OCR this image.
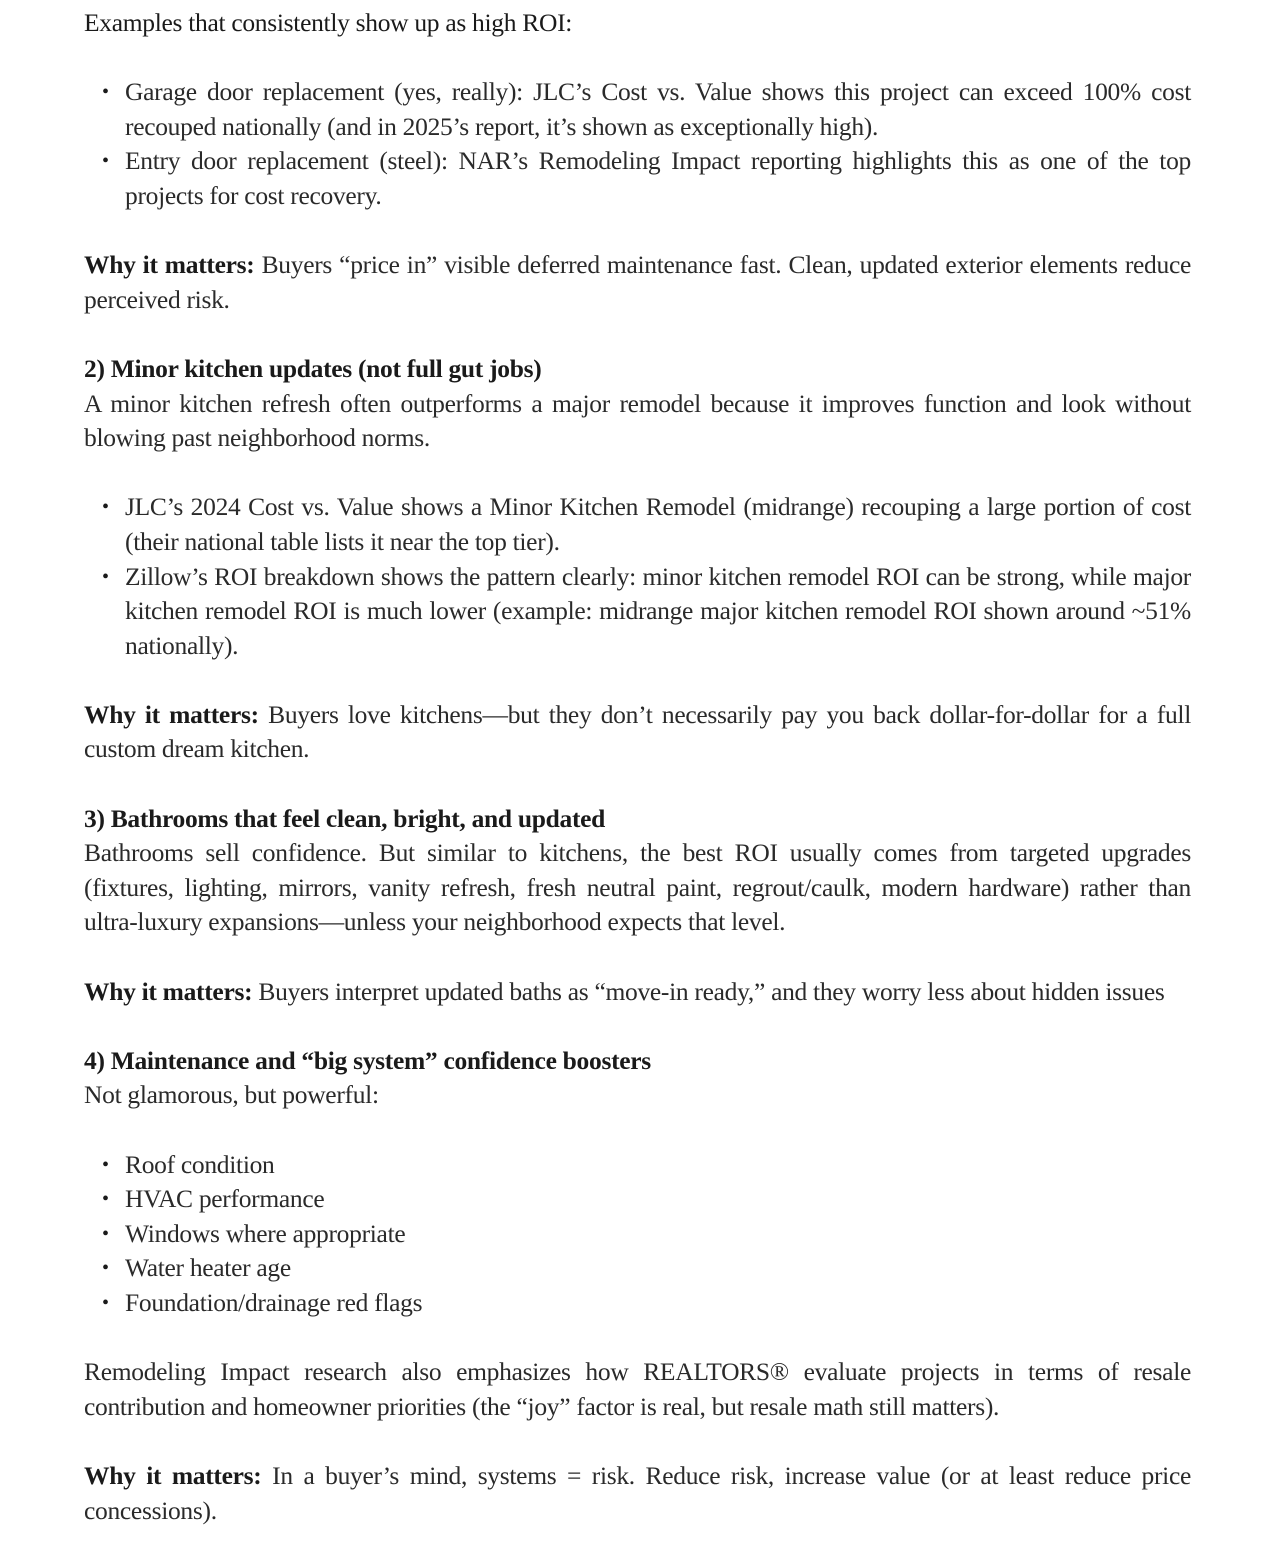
Examples that consistently show up as high ROI:

• Garage door replacement (yes, really): JLC’s Cost vs. Value shows this project can exceed 100% cost recouped nationally (and in 2025’s report, it’s shown as exceptionally high).
• Entry door replacement (steel): NAR’s Remodeling Impact reporting highlights this as one of the top projects for cost recovery.

Why it matters: Buyers “price in” visible deferred maintenance fast. Clean, updated exterior elements reduce perceived risk.

2) Minor kitchen updates (not full gut jobs)

A minor kitchen refresh often outperforms a major remodel because it improves function and look without blowing past neighborhood norms.

• JLC’s 2024 Cost vs. Value shows a Minor Kitchen Remodel (midrange) recouping a large portion of cost (their national table lists it near the top tier).
• Zillow’s ROI breakdown shows the pattern clearly: minor kitchen remodel ROI can be strong, while major kitchen remodel ROI is much lower (example: midrange major kitchen remodel ROI shown around ~51% nationally).

Why it matters: Buyers love kitchens—but they don’t necessarily pay you back dollar-for-dollar for a full custom dream kitchen.

3) Bathrooms that feel clean, bright, and updated

Bathrooms sell confidence. But similar to kitchens, the best ROI usually comes from targeted upgrades (fixtures, lighting, mirrors, vanity refresh, fresh neutral paint, regrout/caulk, modern hardware) rather than ultra-luxury expansions—unless your neighborhood expects that level.

Why it matters: Buyers interpret updated baths as “move-in ready,” and they worry less about hidden issues

4) Maintenance and “big system” confidence boosters

Not glamorous, but powerful:

• Roof condition
• HVAC performance
• Windows where appropriate
• Water heater age
• Foundation/drainage red flags

Remodeling Impact research also emphasizes how REALTORS® evaluate projects in terms of resale contribution and homeowner priorities (the “joy” factor is real, but resale math still matters).

Why it matters: In a buyer’s mind, systems = risk. Reduce risk, increase value (or at least reduce price concessions).
